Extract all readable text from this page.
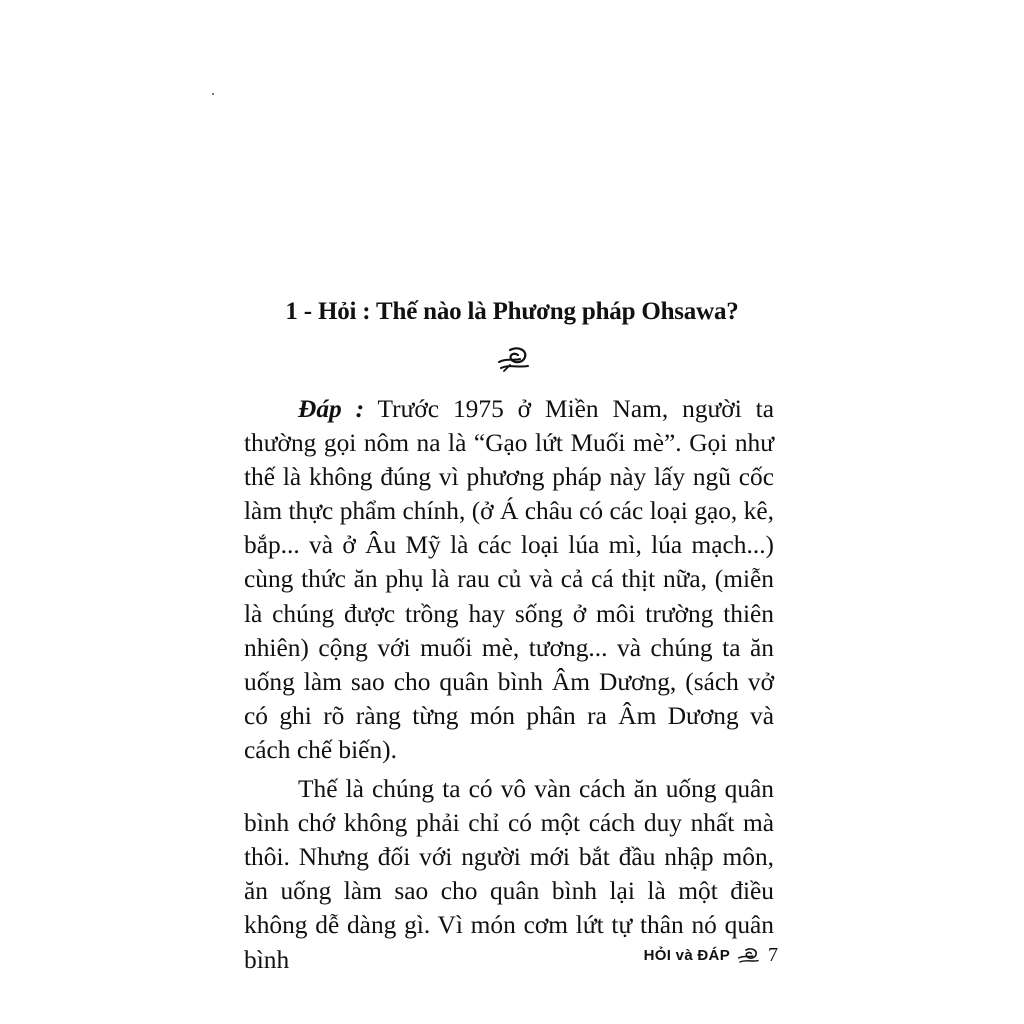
1 - Hỏi : Thế nào là Phương pháp Ohsawa?

Đáp : Trước 1975 ở Miền Nam, người ta thường gọi nôm na là “Gạo lứt Muối mè”. Gọi như thế là không đúng vì phương pháp này lấy ngũ cốc làm thực phẩm chính, (ở Á châu có các loại gạo, kê, bắp... và ở Âu Mỹ là các loại lúa mì, lúa mạch...) cùng thức ăn phụ là rau củ và cả cá thịt nữa, (miễn là chúng được trồng hay sống ở môi trường thiên nhiên) cộng với muối mè, tương... và chúng ta ăn uống làm sao cho quân bình Âm Dương, (sách vở có ghi rõ ràng từng món phân ra Âm Dương và cách chế biến).

Thế là chúng ta có vô vàn cách ăn uống quân bình chớ không phải chỉ có một cách duy nhất mà thôi. Nhưng đối với người mới bắt đầu nhập môn, ăn uống làm sao cho quân bình lại là một điều không dễ dàng gì. Vì món cơm lứt tự thân nó quân bình	HỎI và ĐÁP 7
